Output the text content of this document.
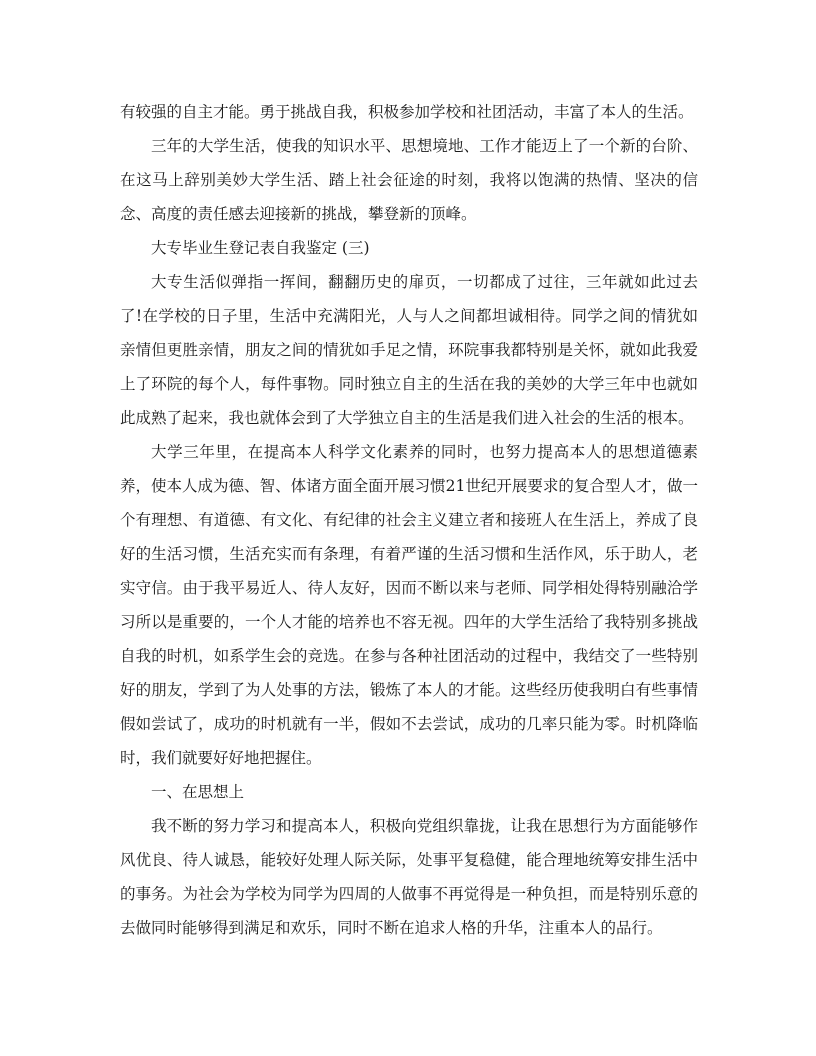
有较强的自主才能。勇于挑战自我，积极参加学校和社团活动，丰富了本人的生活。

三年的大学生活，使我的知识水平、思想境地、工作才能迈上了一个新的台阶、在这马上辞别美妙大学生活、踏上社会征途的时刻，我将以饱满的热情、坚决的信念、高度的责任感去迎接新的挑战，攀登新的顶峰。

大专毕业生登记表自我鉴定 (三)

大专生活似弹指一挥间，翻翻历史的扉页，一切都成了过往，三年就如此过去了!在学校的日子里，生活中充满阳光，人与人之间都坦诚相待。同学之间的情犹如亲情但更胜亲情，朋友之间的情犹如手足之情，环院事我都特别是关怀，就如此我爱上了环院的每个人，每件事物。同时独立自主的生活在我的美妙的大学三年中也就如此成熟了起来，我也就体会到了大学独立自主的生活是我们进入社会的生活的根本。

大学三年里，在提高本人科学文化素养的同时，也努力提高本人的思想道德素养，使本人成为德、智、体诸方面全面开展习惯21世纪开展要求的复合型人才，做一个有理想、有道德、有文化、有纪律的社会主义建立者和接班人在生活上，养成了良好的生活习惯，生活充实而有条理，有着严谨的生活习惯和生活作风，乐于助人，老实守信。由于我平易近人、待人友好，因而不断以来与老师、同学相处得特别融洽学习所以是重要的，一个人才能的培养也不容无视。四年的大学生活给了我特别多挑战自我的时机，如系学生会的竞选。在参与各种社团活动的过程中，我结交了一些特别好的朋友，学到了为人处事的方法，锻炼了本人的才能。这些经历使我明白有些事情假如尝试了，成功的时机就有一半，假如不去尝试，成功的几率只能为零。时机降临时，我们就要好好地把握住。

一、在思想上

我不断的努力学习和提高本人，积极向党组织靠拢，让我在思想行为方面能够作风优良、待人诚恳，能较好处理人际关际，处事平复稳健，能合理地统筹安排生活中的事务。为社会为学校为同学为四周的人做事不再觉得是一种负担，而是特别乐意的去做同时能够得到满足和欢乐，同时不断在追求人格的升华，注重本人的品行。
